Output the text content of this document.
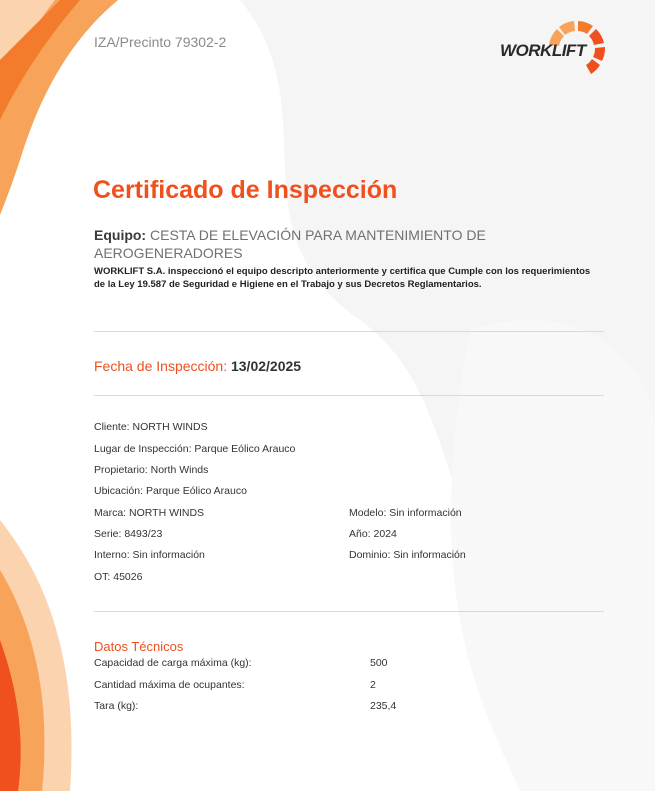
IZA/Precinto 79302-2	WORKLIFT
Certificado de Inspección
Equipo: CESTA DE ELEVACIÓN PARA MANTENIMIENTO DE AEROGENERADORES
WORKLIFT S.A. inspeccionó el equipo descripto anteriormente y certifica que Cumple con los requerimientos de la Ley 19.587 de Seguridad e Higiene en el Trabajo y sus Decretos Reglamentarios.
Fecha de Inspección: 13/02/2025
Cliente: NORTH WINDS
Lugar de Inspección: Parque Eólico Arauco
Propietario: North Winds
Ubicación: Parque Eólico Arauco
Marca: NORTH WINDS	Modelo: Sin información
Serie: 8493/23	Año: 2024
Interno: Sin información	Dominio: Sin información
OT: 45026
Datos Técnicos
Capacidad de carga máxima (kg):	500
Cantidad máxima de ocupantes:	2
Tara (kg):	235,4
